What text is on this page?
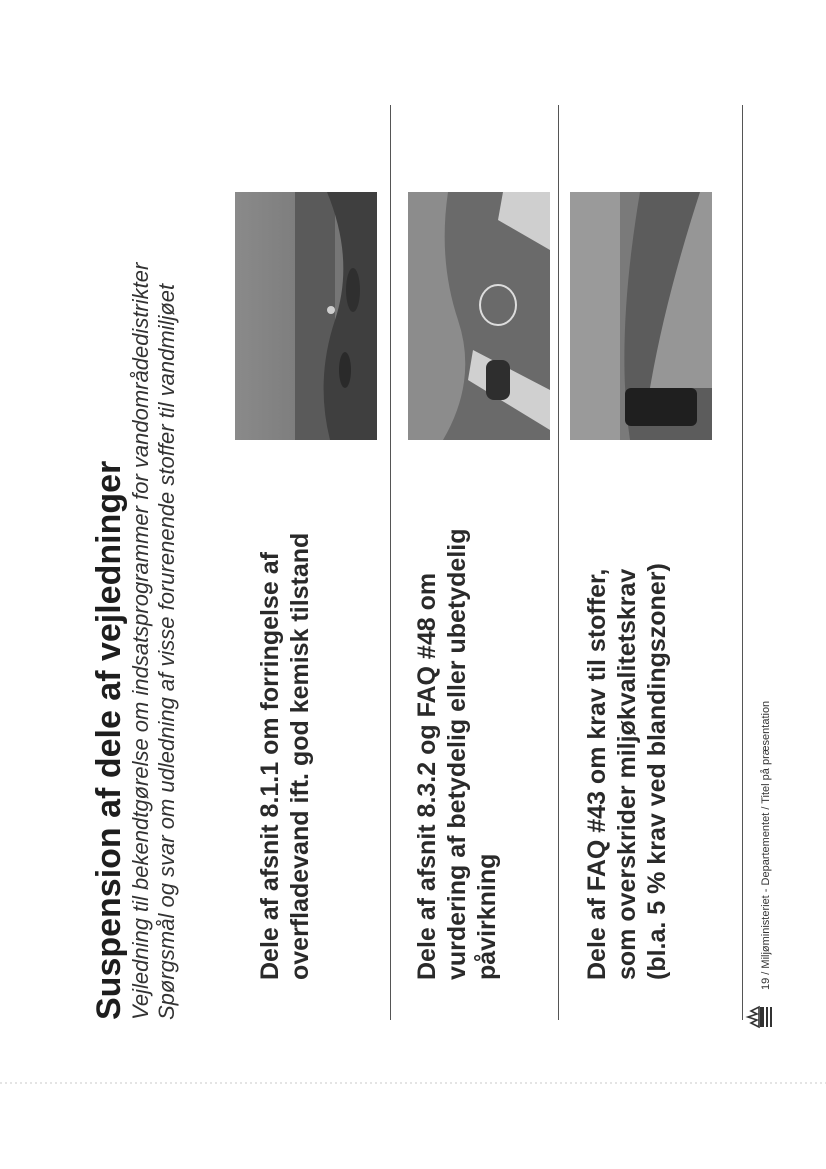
Suspension af dele af vejledninger Vejledning til bekendtgørelse om indsatsprogrammer for vandområdedistrikter Spørgsmål og svar om udledning af visse forurenende stoffer til vandmiljøet	Dele af afsnit 8.1.1 om forringelse af
overfladevand ift. god kemisk tilstand
Dele af afsnit 8.3.2 og FAQ #48 om
vurdering af betydelig eller ubetydelig
påvirkning	Dele af FAQ #43 om krav til stoffer,
som overskrider miljøkvalitetskrav
(bl.a. 5 % krav ved blandingszoner)
19 / Miljøministeriet - Departementet / Titel på præsentation
